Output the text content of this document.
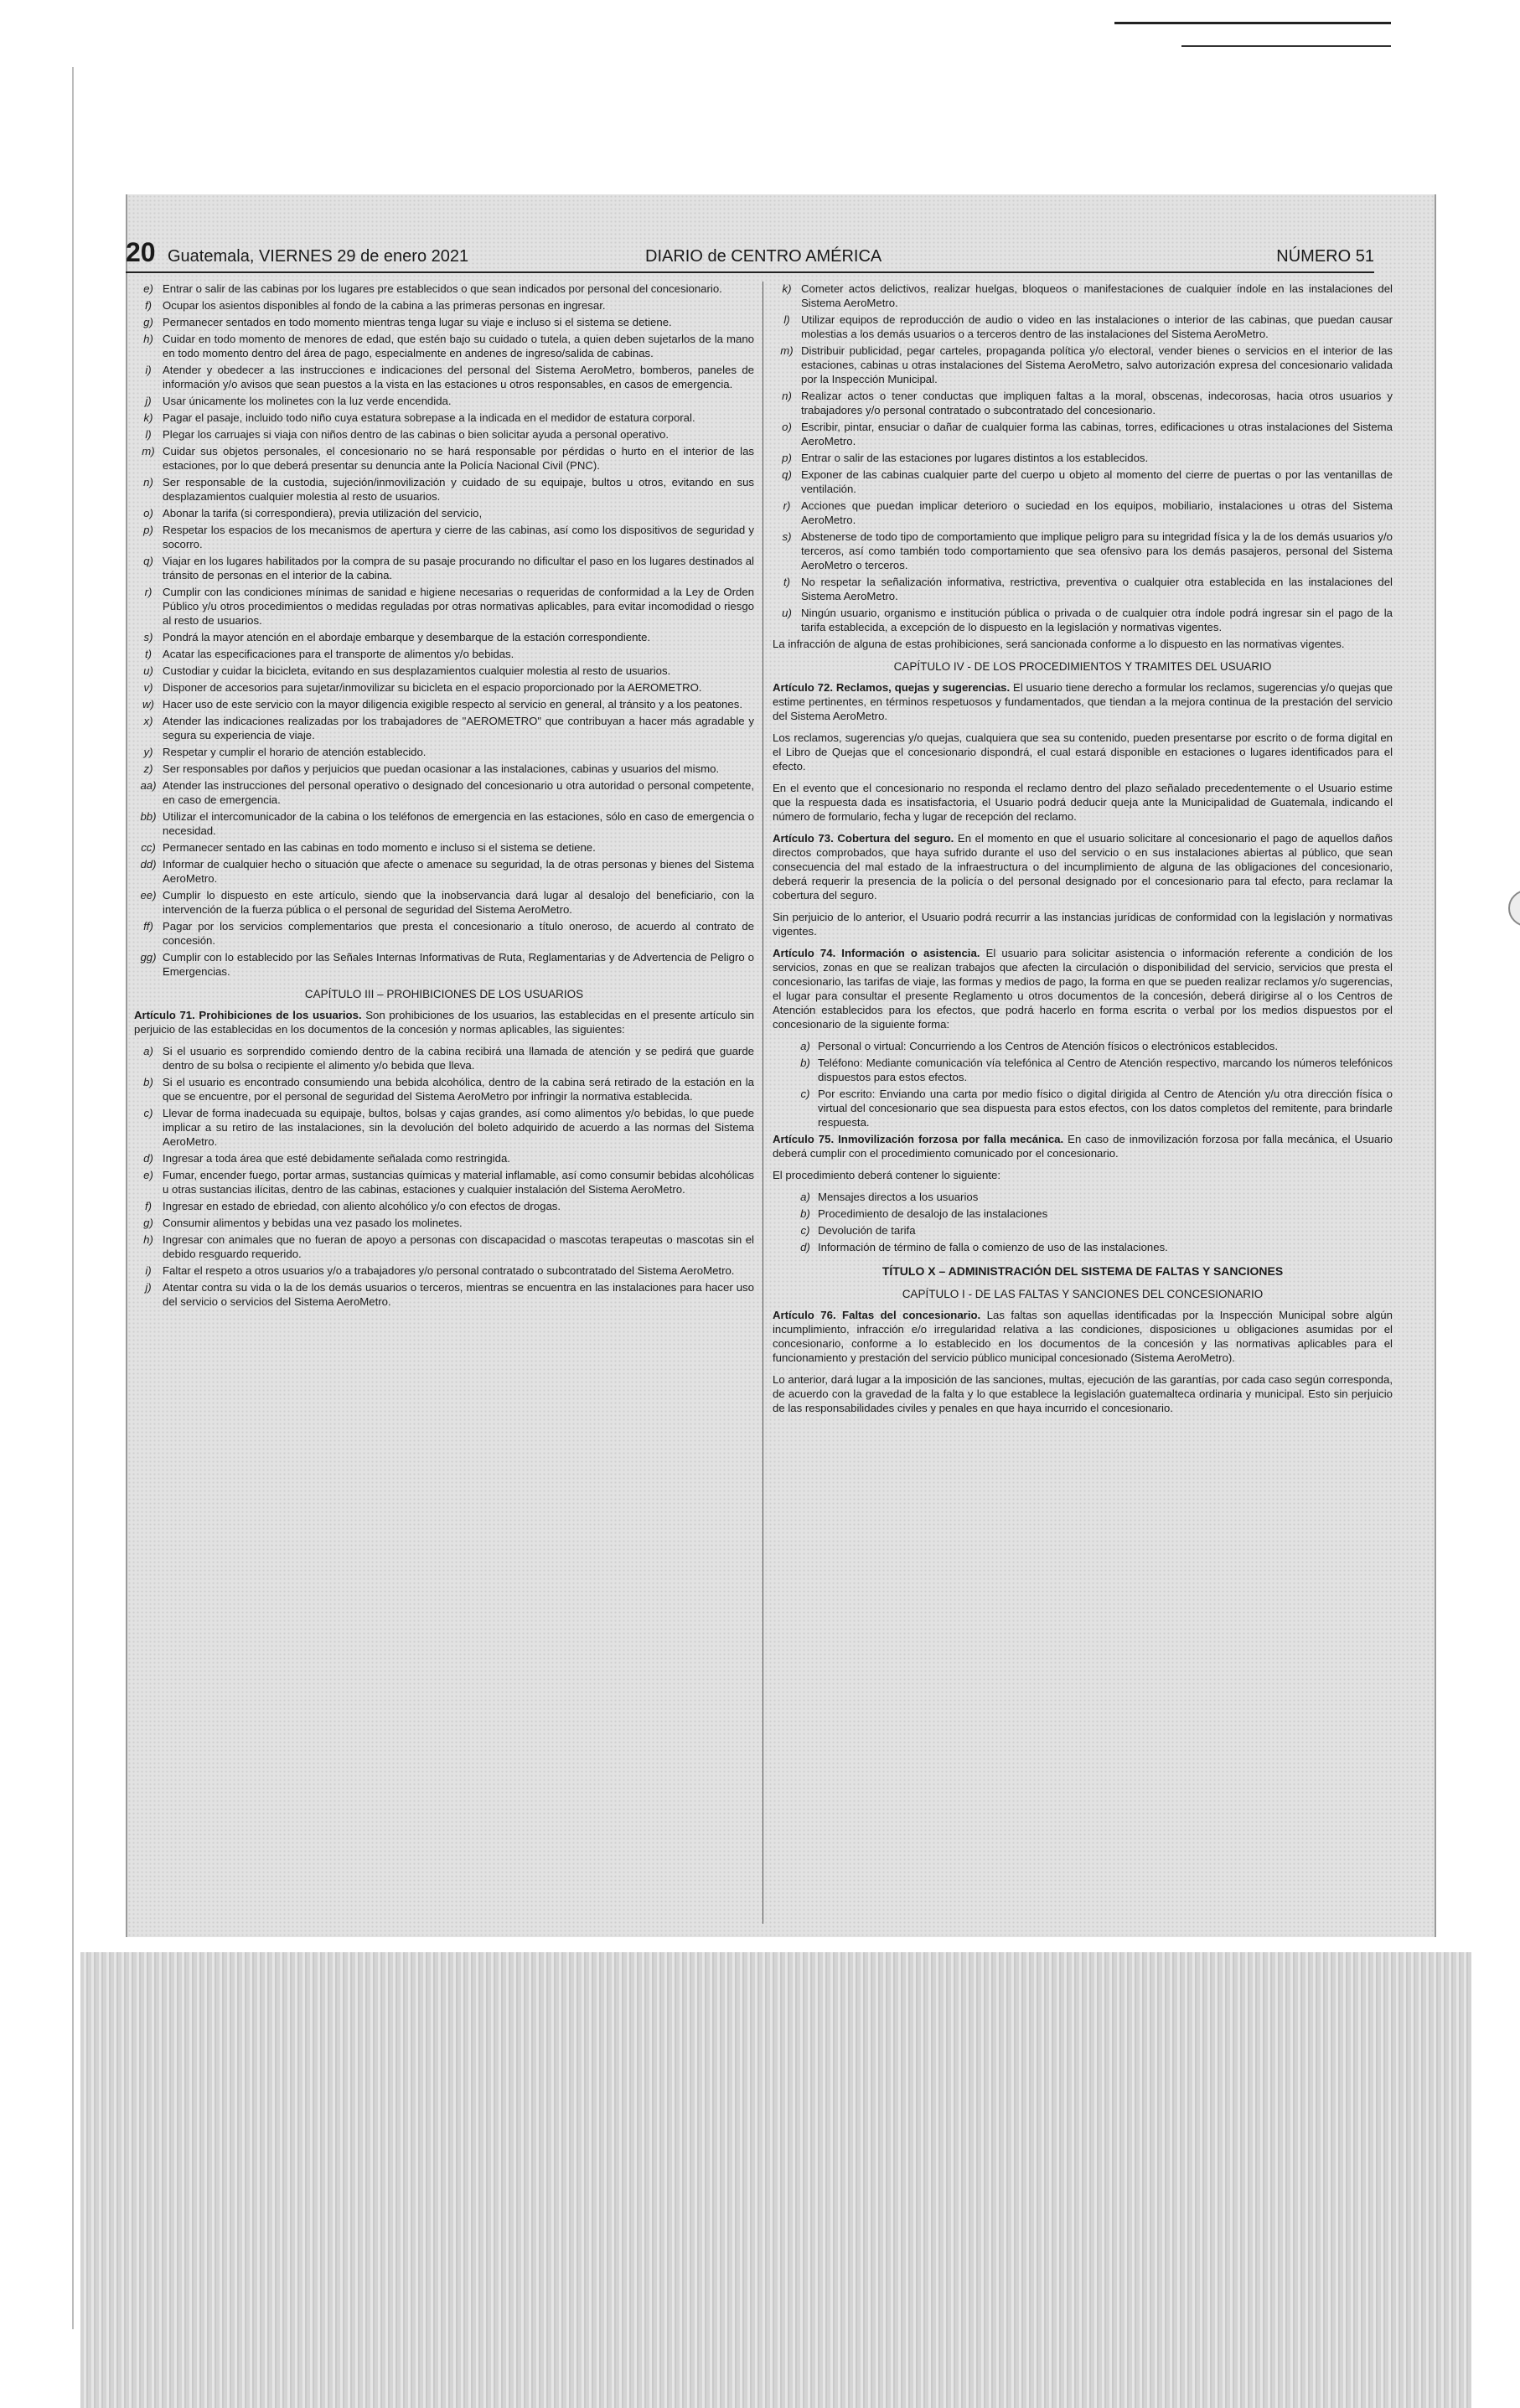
20 Guatemala, VIERNES 29 de enero 2021	DIARIO de CENTRO AMÉRICA	NÚMERO 51
e) Entrar o salir de las cabinas por los lugares pre establecidos o que sean indicados por personal del concesionario.
f) Ocupar los asientos disponibles al fondo de la cabina a las primeras personas en ingresar.
g) Permanecer sentados en todo momento mientras tenga lugar su viaje e incluso si el sistema se detiene.
h) Cuidar en todo momento de menores de edad, que estén bajo su cuidado o tutela, a quien deben sujetarlos de la mano en todo momento dentro del área de pago, especialmente en andenes de ingreso/salida de cabinas.
i)	Atender y obedecer a las instrucciones e indicaciones del personal del Sistema AeroMetro, bomberos, paneles de información y/o avisos que sean puestos a la vista en las estaciones u otros responsables, en casos de emergencia.
j)	Usar únicamente los molinetes con la luz verde encendida.
k) Pagar el pasaje, incluido todo niño cuya estatura sobrepase a la indicada en el medidor de estatura corporal.
l)	Plegar los carruajes si viaja con niños dentro de las cabinas o bien solicitar ayuda a personal operativo.
m) Cuidar sus objetos personales, el concesionario no se hará responsable por pérdidas o hurto en el interior de las estaciones, por lo que deberá presentar su denuncia ante la Policía Nacional Civil (PNC).
n) Ser responsable de la custodia, sujeción/inmovilización y cuidado de su equipaje, bultos u otros, evitando en sus desplazamientos cualquier molestia al resto de usuarios.
o) Abonar la tarifa (si correspondiera), previa utilización del servicio,
p) Respetar los espacios de los mecanismos de apertura y cierre de las cabinas, así como los dispositivos de seguridad y socorro.
q) Viajar en los lugares habilitados por la compra de su pasaje procurando no dificultar el paso en los lugares destinados al tránsito de personas en el interior de la cabina.
r) Cumplir con las condiciones mínimas de sanidad e higiene necesarias o requeridas de conformidad a la Ley de Orden Público y/u otros procedimientos o medidas reguladas por otras normativas aplicables, para evitar incomodidad o riesgo al resto de usuarios.
s) Pondrá la mayor atención en el abordaje embarque y desembarque de la estación correspondiente.
t) Acatar las especificaciones para el transporte de alimentos y/o bebidas.
u) Custodiar y cuidar la bicicleta, evitando en sus desplazamientos cualquier molestia al resto de usuarios.
v) Disponer de accesorios para sujetar/inmovilizar su bicicleta en el espacio proporcionado por la AEROMETRO.
w) Hacer uso de este servicio con la mayor diligencia exigible respecto al servicio en general, al tránsito y a los peatones.
x) Atender las indicaciones realizadas por los trabajadores de "AEROMETRO" que contribuyan a hacer más agradable y segura su experiencia de viaje.
y) Respetar y cumplir el horario de atención establecido.
z) Ser responsables por daños y perjuicios que puedan ocasionar a las instalaciones, cabinas y usuarios del mismo.
aa) Atender las instrucciones del personal operativo o designado del concesionario u otra autoridad o personal competente, en caso de emergencia.
bb) Utilizar el intercomunicador de la cabina o los teléfonos de emergencia en las estaciones, sólo en caso de emergencia o necesidad.
cc) Permanecer sentado en las cabinas en todo momento e incluso si el sistema se detiene.
dd) Informar de cualquier hecho o situación que afecte o amenace su seguridad, la de otras personas y bienes del Sistema AeroMetro.
ee) Cumplir lo dispuesto en este artículo, siendo que la inobservancia dará lugar al desalojo del beneficiario, con la intervención de la fuerza pública o el personal de seguridad del Sistema AeroMetro.
ff) Pagar por los servicios complementarios que presta el concesionario a título oneroso, de acuerdo al contrato de concesión.
gg) Cumplir con lo establecido por las Señales Internas Informativas de Ruta, Reglamentarias y de Advertencia de Peligro o Emergencias.
CAPÍTULO III – PROHIBICIONES DE LOS USUARIOS

Artículo 71. Prohibiciones de los usuarios. Son prohibiciones de los usuarios, las establecidas en el presente artículo sin perjuicio de las establecidas en los documentos de la concesión y normas aplicables, las siguientes:

a) Si el usuario es sorprendido comiendo dentro de la cabina recibirá una llamada de atención y se pedirá que guarde dentro de su bolsa o recipiente el alimento y/o bebida que lleva.
b) Si el usuario es encontrado consumiendo una bebida alcohólica, dentro de la cabina será retirado de la estación en la que se encuentre, por el personal de seguridad del Sistema AeroMetro por infringir la normativa establecida.
c) Llevar de forma inadecuada su equipaje, bultos, bolsas y cajas grandes, así como alimentos y/o bebidas, lo que puede implicar a su retiro de las instalaciones, sin la devolución del boleto adquirido de acuerdo a las normas del Sistema AeroMetro.
d) Ingresar a toda área que esté debidamente señalada como restringida.
e) Fumar, encender fuego, portar armas, sustancias químicas y material inflamable, así como consumir bebidas alcohólicas u otras sustancias ilícitas, dentro de las cabinas, estaciones y cualquier instalación del Sistema AeroMetro.
f) Ingresar en estado de ebriedad, con aliento alcohólico y/o con efectos de drogas.
g) Consumir alimentos y bebidas una vez pasado los molinetes.
h) Ingresar con animales que no fueran de apoyo a personas con discapacidad o mascotas terapeutas o mascotas sin el debido resguardo requerido.
i)	Faltar el respeto a otros usuarios y/o a trabajadores y/o personal contratado o subcontratado del Sistema AeroMetro.
j)	Atentar contra su vida o la de los demás usuarios o terceros, mientras se encuentra en las instalaciones para hacer uso del servicio o servicios del Sistema AeroMetro.
k) Cometer actos delictivos, realizar huelgas, bloqueos o manifestaciones de cualquier índole en las instalaciones del Sistema AeroMetro.
l)	Utilizar equipos de reproducción de audio o video en las instalaciones o interior de las cabinas, que puedan causar molestias a los demás usuarios o a terceros dentro de las instalaciones del Sistema AeroMetro.
m) Distribuir publicidad, pegar carteles, propaganda política y/o electoral, vender bienes o servicios en el interior de las estaciones, cabinas u otras instalaciones del Sistema AeroMetro, salvo autorización expresa del concesionario validada por la Inspección Municipal.
n) Realizar actos o tener conductas que impliquen faltas a la moral, obscenas, indecorosas, hacia otros usuarios y trabajadores y/o personal contratado o subcontratado del concesionario.
o) Escribir, pintar, ensuciar o dañar de cualquier forma las cabinas, torres, edificaciones u otras instalaciones del Sistema AeroMetro.
p) Entrar o salir de las estaciones por lugares distintos a los establecidos.
q) Exponer de las cabinas cualquier parte del cuerpo u objeto al momento del cierre de puertas o por las ventanillas de ventilación.
r) Acciones que puedan implicar deterioro o suciedad en los equipos, mobiliario, instalaciones u otras del Sistema AeroMetro.
s) Abstenerse de todo tipo de comportamiento que implique peligro para su integridad física y la de los demás usuarios y/o terceros, así como también todo comportamiento que sea ofensivo para los demás pasajeros, personal del Sistema AeroMetro o terceros.
t) No respetar la señalización informativa, restrictiva, preventiva o cualquier otra establecida en las instalaciones del Sistema AeroMetro.
u) Ningún usuario, organismo e institución pública o privada o de cualquier otra índole podrá ingresar sin el pago de la tarifa establecida, a excepción de lo dispuesto en la legislación y normativas vigentes.

La infracción de alguna de estas prohibiciones, será sancionada conforme a lo dispuesto en las normativas vigentes.

CAPÍTULO IV - DE LOS PROCEDIMIENTOS Y TRAMITES DEL USUARIO

Artículo 72. Reclamos, quejas y sugerencias. El usuario tiene derecho a formular los reclamos, sugerencias y/o quejas que estime pertinentes, en términos respetuosos y fundamentados, que tiendan a la mejora continua de la prestación del servicio del Sistema AeroMetro.

Los reclamos, sugerencias y/o quejas, cualquiera que sea su contenido, pueden presentarse por escrito o de forma digital en el Libro de Quejas que el concesionario dispondrá, el cual estará disponible en estaciones o lugares identificados para el efecto.

En el evento que el concesionario no responda el reclamo dentro del plazo señalado precedentemente o el Usuario estime que la respuesta dada es insatisfactoria, el Usuario podrá deducir queja ante la Municipalidad de Guatemala, indicando el número de formulario, fecha y lugar de recepción del reclamo.

Artículo 73. Cobertura del seguro. En el momento en que el usuario solicitare al concesionario el pago de aquellos daños directos comprobados, que haya sufrido durante el uso del servicio o en sus instalaciones abiertas al público, que sean consecuencia del mal estado de la infraestructura o del incumplimiento de alguna de las obligaciones del concesionario, deberá requerir la presencia de la policía o del personal designado por el concesionario para tal efecto, para reclamar la cobertura del seguro.

Sin perjuicio de lo anterior, el Usuario podrá recurrir a las instancias jurídicas de conformidad con la legislación y normativas vigentes.

Artículo 74. Información o asistencia. El usuario para solicitar asistencia o información referente a condición de los servicios, zonas en que se realizan trabajos que afecten la circulación o disponibilidad del servicio, servicios que presta el concesionario, las tarifas de viaje, las formas y medios de pago, la forma en que se pueden realizar reclamos y/o sugerencias, el lugar para consultar el presente Reglamento u otros documentos de la concesión, deberá dirigirse al o los Centros de Atención establecidos para los efectos, que podrá hacerlo en forma escrita o verbal por los medios dispuestos por el concesionario de la siguiente forma:

a) Personal o virtual: Concurriendo a los Centros de Atención físicos o electrónicos establecidos.
b) Teléfono: Mediante comunicación vía telefónica al Centro de Atención respectivo, marcando los números telefónicos dispuestos para estos efectos.
c) Por escrito: Enviando una carta por medio físico o digital dirigida al Centro de Atención y/u otra dirección física o virtual del concesionario que sea dispuesta para estos efectos, con los datos completos del remitente, para brindarle respuesta.

Artículo 75. Inmovilización forzosa por falla mecánica. En caso de inmovilización forzosa por falla mecánica, el Usuario deberá cumplir con el procedimiento comunicado por el concesionario.

El procedimiento deberá contener lo siguiente:

a) Mensajes directos a los usuarios
b) Procedimiento de desalojo de las instalaciones
c) Devolución de tarifa
d) Información de término de falla o comienzo de uso de las instalaciones.
TÍTULO X – ADMINISTRACIÓN DEL SISTEMA DE FALTAS Y SANCIONES
CAPÍTULO I - DE LAS FALTAS Y SANCIONES DEL CONCESIONARIO

Artículo 76. Faltas del concesionario. Las faltas son aquellas identificadas por la Inspección Municipal sobre algún incumplimiento, infracción e/o irregularidad relativa a las condiciones, disposiciones u obligaciones asumidas por el concesionario, conforme a lo establecido en los documentos de la concesión y las normativas aplicables para el funcionamiento y prestación del servicio público municipal concesionado (Sistema AeroMetro).

Lo anterior, dará lugar a la imposición de las sanciones, multas, ejecución de las garantías, por cada caso según corresponda, de acuerdo con la gravedad de la falta y lo que establece la legislación guatemalteca ordinaria y municipal. Esto sin perjuicio de las responsabilidades civiles y penales en que haya incurrido el concesionario.
